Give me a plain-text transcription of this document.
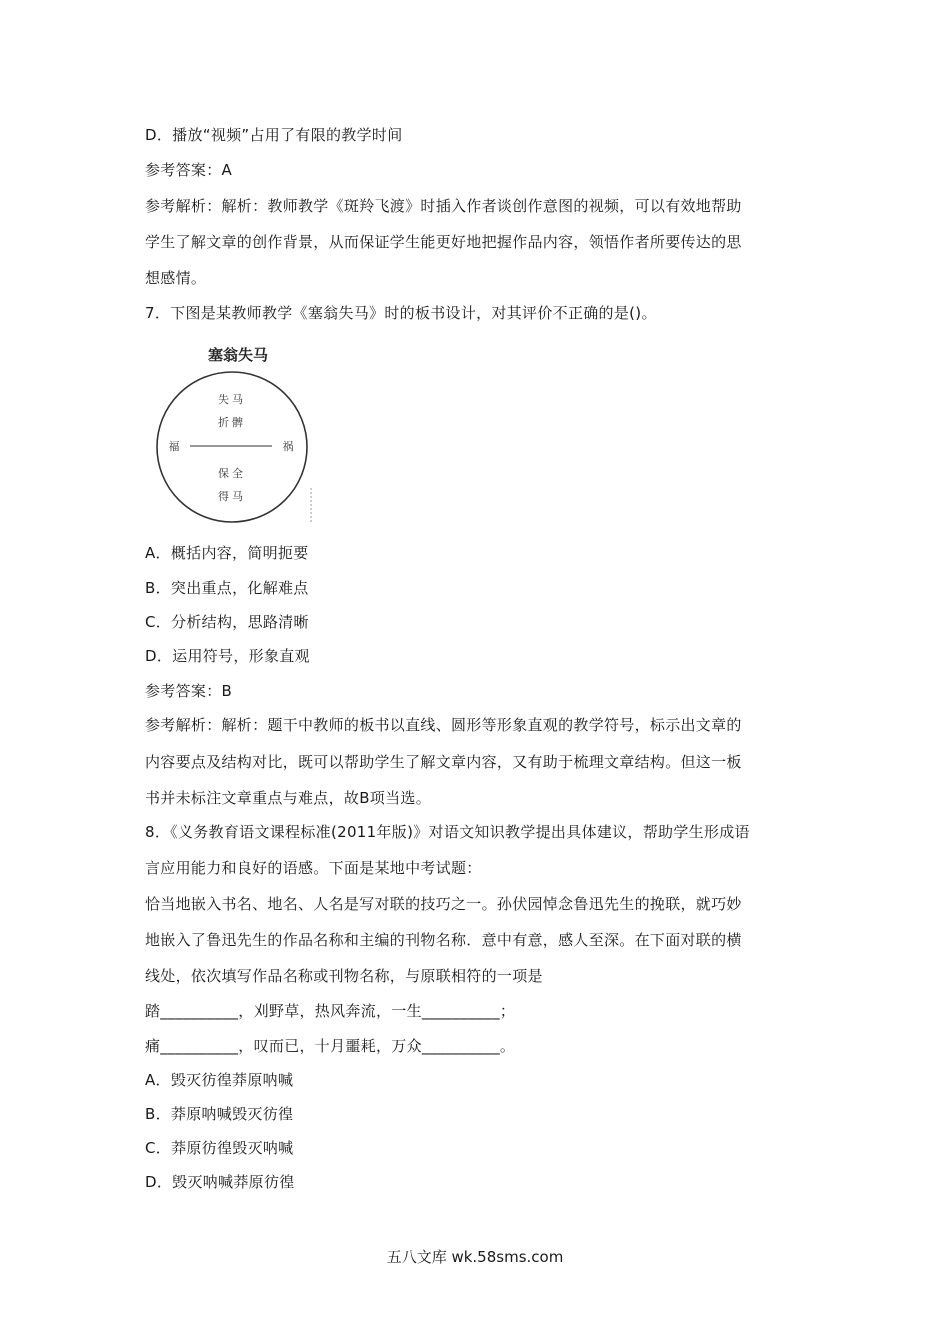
D．播放“视频”占用了有限的教学时间
参考答案：A
参考解析：解析：教师教学《斑羚飞渡》时插入作者谈创作意图的视频，可以有效地帮助
学生了解文章的创作背景，从而保证学生能更好地把握作品内容，领悟作者所要传达的思
想感情。
7．下图是某教师教学《塞翁失马》时的板书设计，对其评价不正确的是()。
塞翁失马
失马
折髀
福	祸
保全
得马
A．概括内容，简明扼要
B．突出重点，化解难点
C．分析结构，思路清晰
D．运用符号，形象直观
参考答案：B
参考解析：解析：题干中教师的板书以直线、圆形等形象直观的教学符号，标示出文章的
内容要点及结构对比，既可以帮助学生了解文章内容，又有助于梳理文章结构。但这一板
书并未标注文章重点与难点，故B项当选。
8．《义务教育语文课程标准(2011年版)》对语文知识教学提出具体建议，帮助学生形成语
言应用能力和良好的语感。下面是某地中考试题：
恰当地嵌入书名、地名、人名是写对联的技巧之一。孙伏园悼念鲁迅先生的挽联，就巧妙
地嵌入了鲁迅先生的作品名称和主编的刊物名称．意中有意，感人至深。在下面对联的横
线处，依次填写作品名称或刊物名称，与原联相符的一项是
踏__________，刈野草，热风奔流，一生__________；
痛__________，叹而已，十月噩耗，万众__________。
A．毁灭彷徨莽原呐喊
B．莽原呐喊毁灭彷徨
C．莽原彷徨毁灭呐喊
D．毁灭呐喊莽原彷徨
五八文库 wk.58sms.com
